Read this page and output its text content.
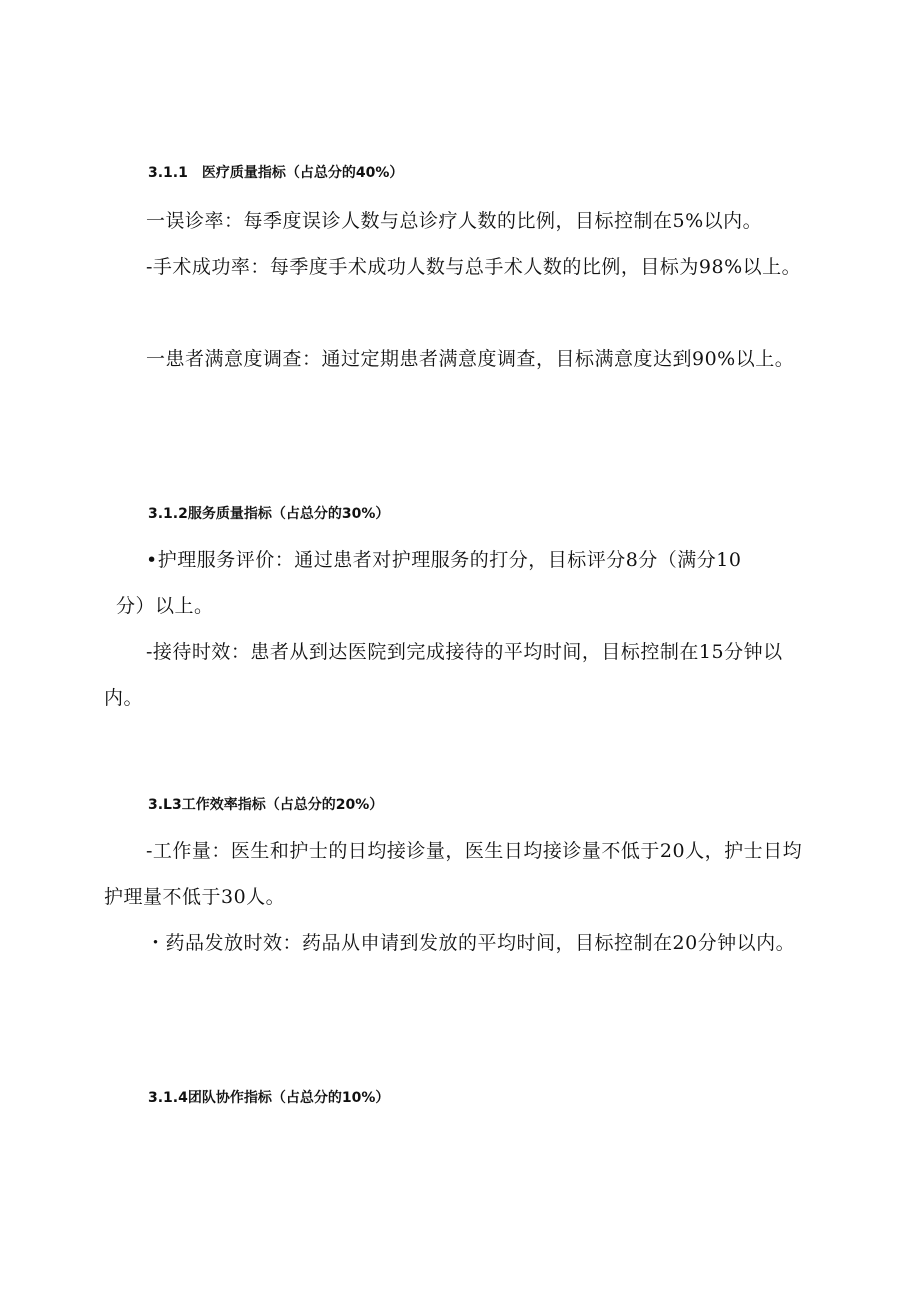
3.1.1　医疗质量指标（占总分的40%）
一误诊率：每季度误诊人数与总诊疗人数的比例，目标控制在5%以内。
-手术成功率：每季度手术成功人数与总手术人数的比例，目标为98%以上。
一患者满意度调查：通过定期患者满意度调查，目标满意度达到90%以上。
3.1.2服务质量指标（占总分的30%）
•护理服务评价：通过患者对护理服务的打分，目标评分8分（满分10
分）以上。
-接待时效：患者从到达医院到完成接待的平均时间，目标控制在15分钟以内。
3.L3工作效率指标（占总分的20%）
-工作量：医生和护士的日均接诊量，医生日均接诊量不低于20人，护士日均护理量不低于30人。
・药品发放时效：药品从申请到发放的平均时间，目标控制在20分钟以内。
3.1.4团队协作指标（占总分的10%）
